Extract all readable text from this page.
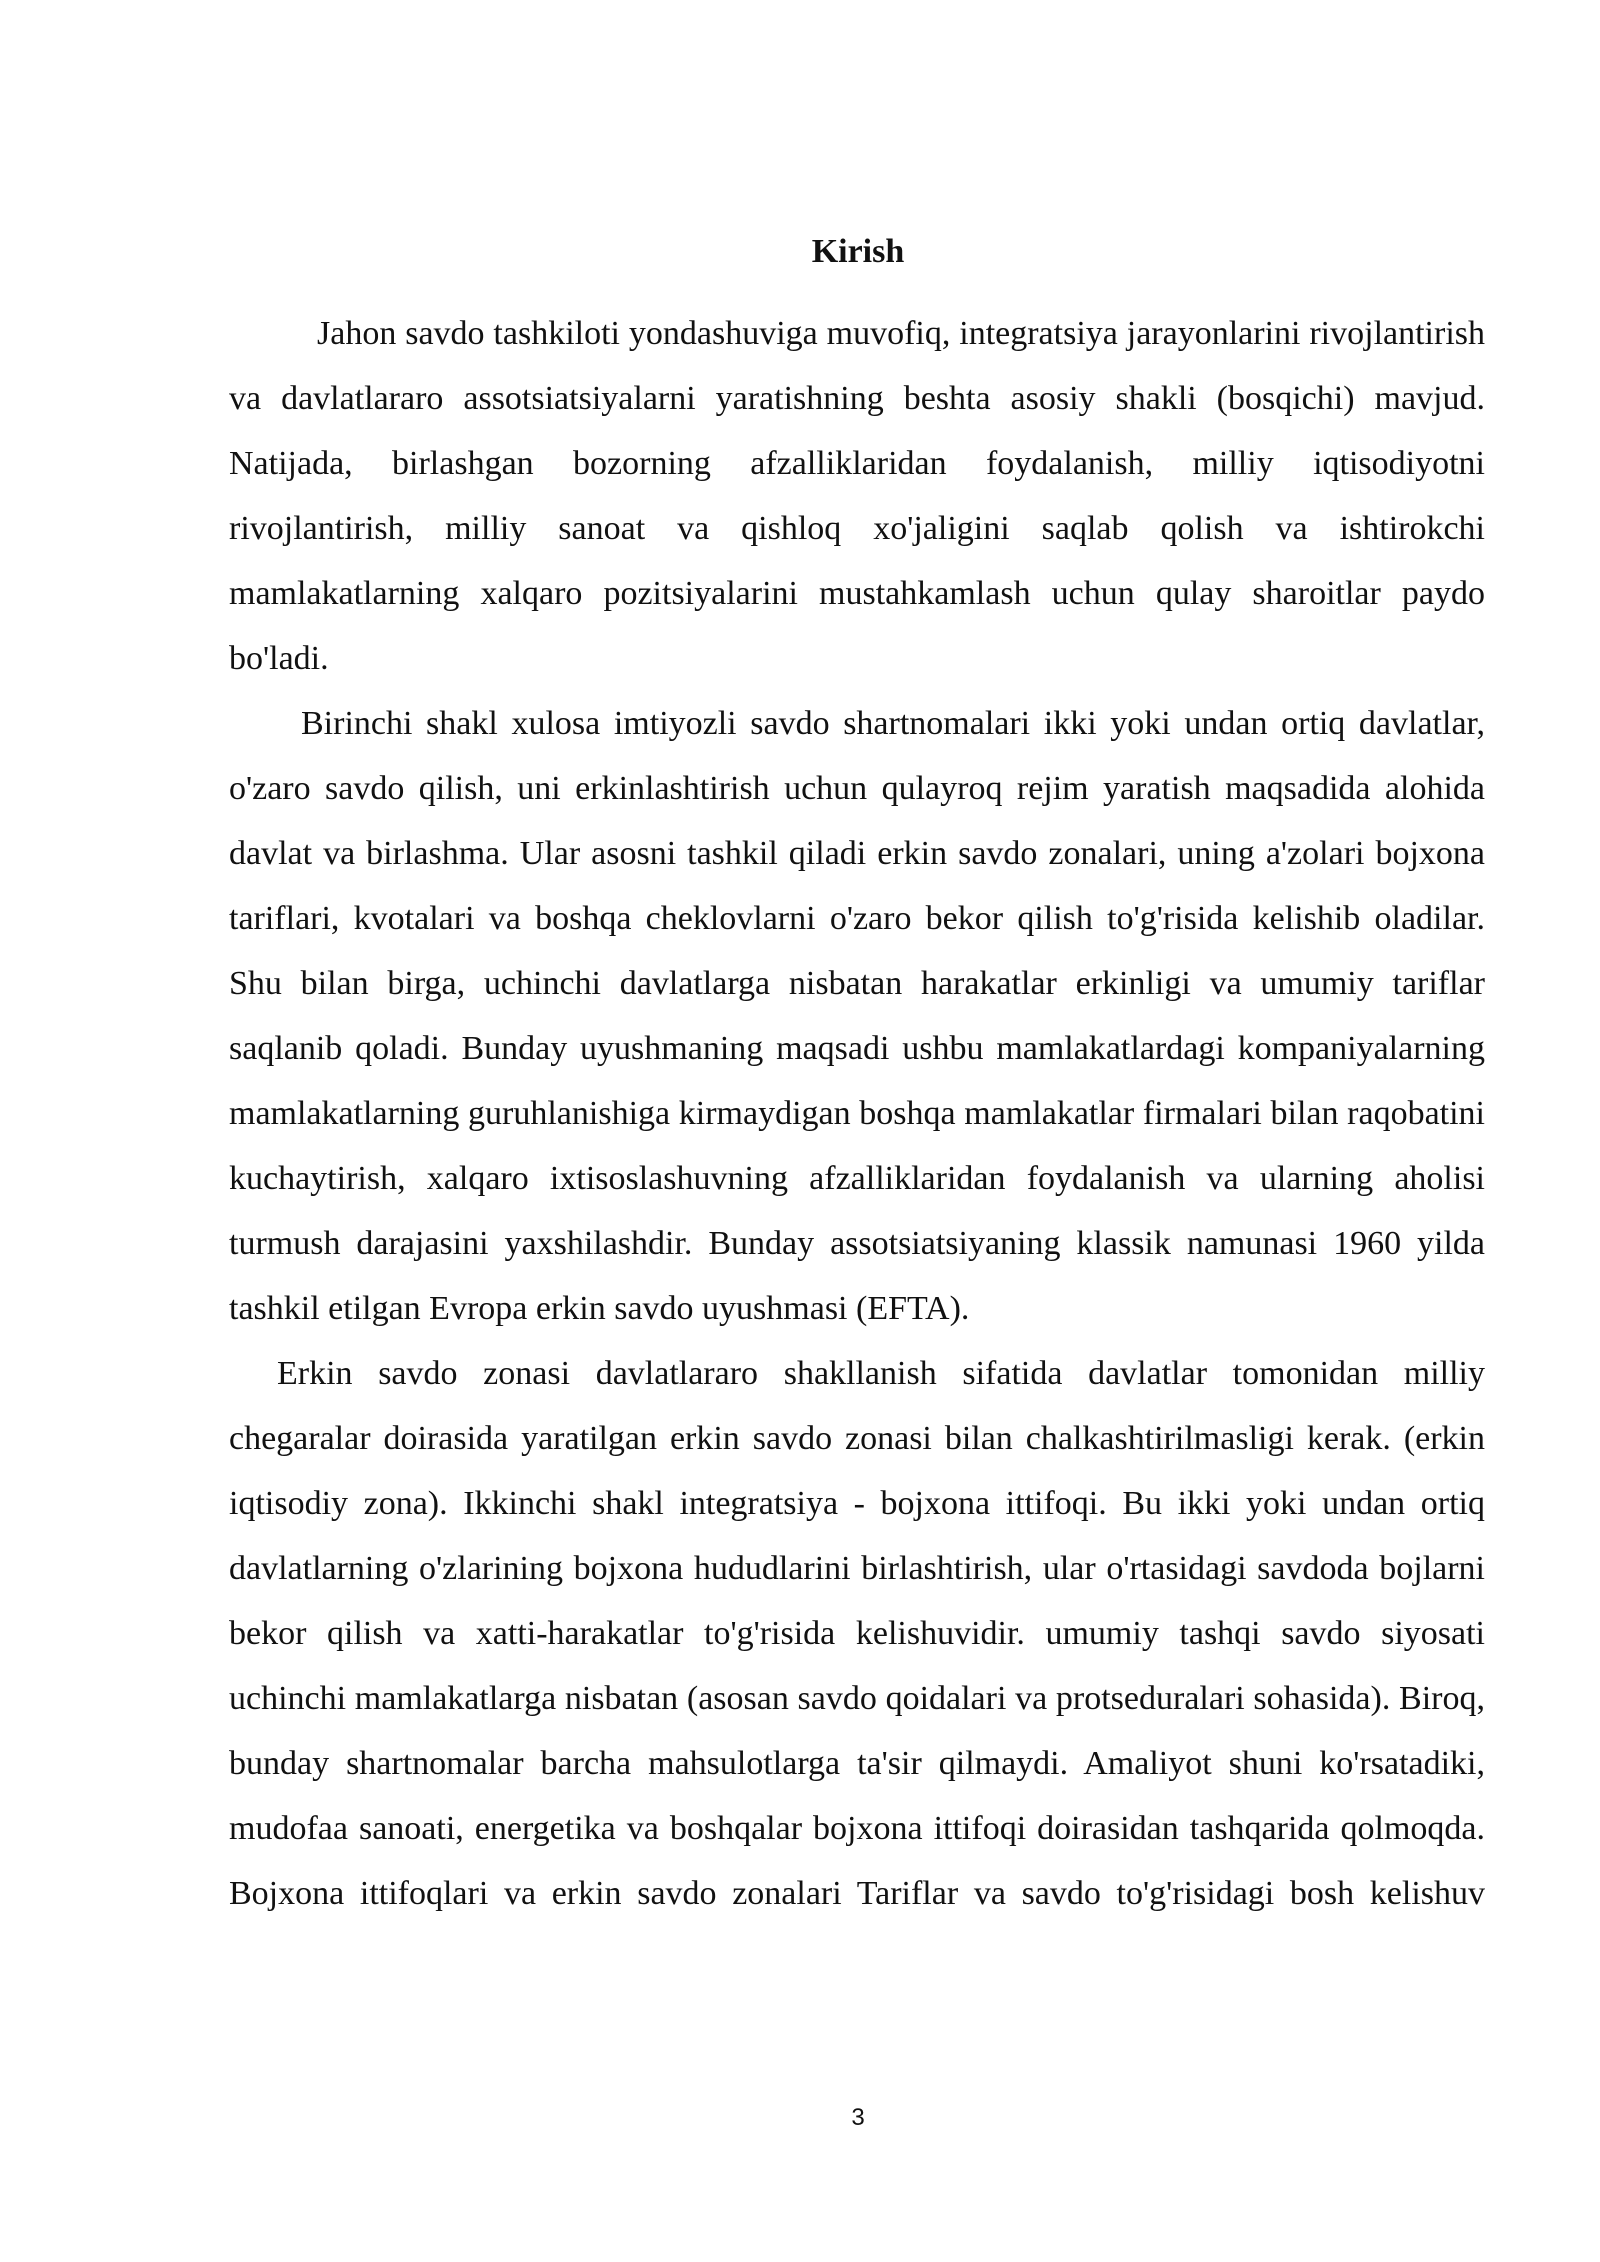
Kirish

Jahon savdo tashkiloti yondashuviga muvofiq, integratsiya jarayonlarini rivojlantirish va davlatlararo assotsiatsiyalarni yaratishning beshta asosiy shakli (bosqichi) mavjud. Natijada, birlashgan bozorning afzalliklaridan foydalanish, milliy iqtisodiyotni rivojlantirish, milliy sanoat va qishloq xo'jaligini saqlab qolish va ishtirokchi mamlakatlarning xalqaro pozitsiyalarini mustahkamlash uchun qulay sharoitlar paydo bo'ladi.

Birinchi shakl xulosa imtiyozli savdo shartnomalari ikki yoki undan ortiq davlatlar, o'zaro savdo qilish, uni erkinlashtirish uchun qulayroq rejim yaratish maqsadida alohida davlat va birlashma. Ular asosni tashkil qiladi erkin savdo zonalari, uning a'zolari bojxona tariflari, kvotalari va boshqa cheklovlarni o'zaro bekor qilish to'g'risida kelishib oladilar. Shu bilan birga, uchinchi davlatlarga nisbatan harakatlar erkinligi va umumiy tariflar saqlanib qoladi. Bunday uyushmaning maqsadi ushbu mamlakatlardagi kompaniyalarning mamlakatlarning guruhlanishiga kirmaydigan boshqa mamlakatlar firmalari bilan raqobatini kuchaytirish, xalqaro ixtisoslashuvning afzalliklaridan foydalanish va ularning aholisi turmush darajasini yaxshilashdir. Bunday assotsiatsiyaning klassik namunasi 1960 yilda tashkil etilgan Evropa erkin savdo uyushmasi (EFTA).

Erkin savdo zonasi davlatlararo shakllanish sifatida davlatlar tomonidan milliy chegaralar doirasida yaratilgan erkin savdo zonasi bilan chalkashtirilmasligi kerak. (erkin iqtisodiy zona). Ikkinchi shakl integratsiya - bojxona ittifoqi. Bu ikki yoki undan ortiq davlatlarning o'zlarining bojxona hududlarini birlashtirish, ular o'rtasidagi savdoda bojlarni bekor qilish va xatti-harakatlar to'g'risida kelishuvidir. umumiy tashqi savdo siyosati uchinchi mamlakatlarga nisbatan (asosan savdo qoidalari va protseduralari sohasida). Biroq, bunday shartnomalar barcha mahsulotlarga ta'sir qilmaydi. Amaliyot shuni ko'rsatadiki, mudofaa sanoati, energetika va boshqalar bojxona ittifoqi doirasidan tashqarida qolmoqda. Bojxona ittifoqlari va erkin savdo zonalari Tariflar va savdo to'g'risidagi bosh kelishuv

3
